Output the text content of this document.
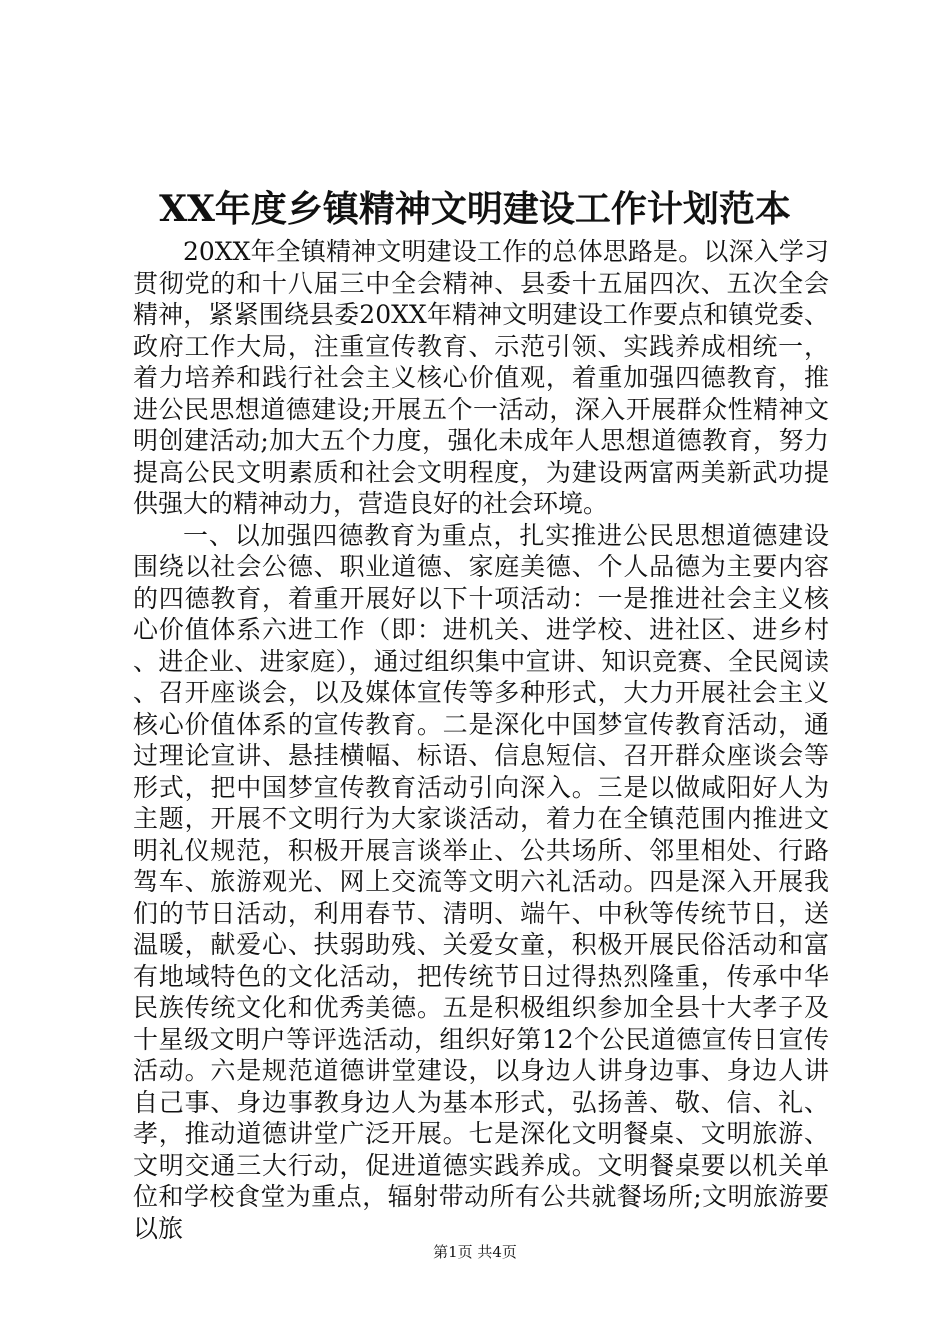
XX年度乡镇精神文明建设工作计划范本

20XX年全镇精神文明建设工作的总体思路是。以深入学习贯彻党的和十八届三中全会精神、县委十五届四次、五次全会精神，紧紧围绕县委20XX年精神文明建设工作要点和镇党委、政府工作大局，注重宣传教育、示范引领、实践养成相统一，着力培养和践行社会主义核心价值观，着重加强四德教育，推进公民思想道德建设;开展五个一活动，深入开展群众性精神文明创建活动;加大五个力度，强化未成年人思想道德教育，努力提高公民文明素质和社会文明程度，为建设两富两美新武功提供强大的精神动力，营造良好的社会环境。

一、以加强四德教育为重点，扎实推进公民思想道德建设围绕以社会公德、职业道德、家庭美德、个人品德为主要内容的四德教育，着重开展好以下十项活动：一是推进社会主义核心价值体系六进工作（即：进机关、进学校、进社区、进乡村、进企业、进家庭），通过组织集中宣讲、知识竞赛、全民阅读、召开座谈会，以及媒体宣传等多种形式，大力开展社会主义核心价值体系的宣传教育。二是深化中国梦宣传教育活动，通过理论宣讲、悬挂横幅、标语、信息短信、召开群众座谈会等形式，把中国梦宣传教育活动引向深入。三是以做咸阳好人为主题，开展不文明行为大家谈活动，着力在全镇范围内推进文明礼仪规范，积极开展言谈举止、公共场所、邻里相处、行路驾车、旅游观光、网上交流等文明六礼活动。四是深入开展我们的节日活动，利用春节、清明、端午、中秋等传统节日，送温暖，献爱心、扶弱助残、关爱女童，积极开展民俗活动和富有地域特色的文化活动，把传统节日过得热烈隆重，传承中华民族传统文化和优秀美德。五是积极组织参加全县十大孝子及十星级文明户等评选活动，组织好第12个公民道德宣传日宣传活动。六是规范道德讲堂建设，以身边人讲身边事、身边人讲自己事、身边事教身边人为基本形式，弘扬善、敬、信、礼、孝，推动道德讲堂广泛开展。七是深化文明餐桌、文明旅游、文明交通三大行动，促进道德实践养成。文明餐桌要以机关单位和学校食堂为重点，辐射带动所有公共就餐场所;文明旅游要以旅

第1页 共4页
